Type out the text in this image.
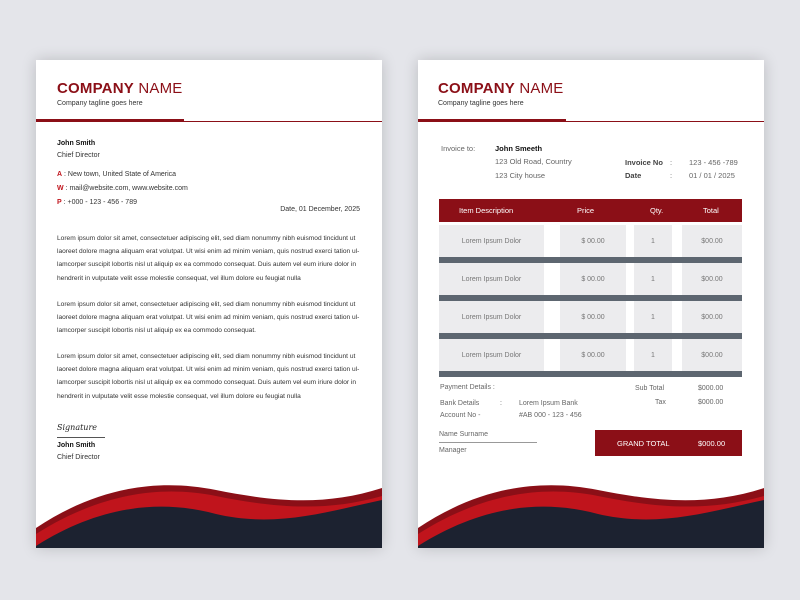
COMPANY NAME
Company tagline goes here
John Smith
Chief Director
A : New town, United State of America
W : mail@website.com, www.website.com
P : +000 - 123 - 456 - 789
Date, 01 December, 2025
Lorem ipsum dolor sit amet, consectetuer adipiscing elit, sed diam nonummy nibh euismod tincidunt ut
laoreet dolore magna aliquam erat volutpat. Ut wisi enim ad minim veniam, quis nostrud exerci tation ul-
lamcorper suscipit lobortis nisl ut aliquip ex ea commodo consequat. Duis autem vel eum iriure dolor in
hendrerit in vulputate velit esse molestie consequat, vel illum dolore eu feugiat nulla
Lorem ipsum dolor sit amet, consectetuer adipiscing elit, sed diam nonummy nibh euismod tincidunt ut
laoreet dolore magna aliquam erat volutpat. Ut wisi enim ad minim veniam, quis nostrud exerci tation ul-
lamcorper suscipit lobortis nisl ut aliquip ex ea commodo consequat.
Lorem ipsum dolor sit amet, consectetuer adipiscing elit, sed diam nonummy nibh euismod tincidunt ut
laoreet dolore magna aliquam erat volutpat. Ut wisi enim ad minim veniam, quis nostrud exerci tation ul-
lamcorper suscipit lobortis nisl ut aliquip ex ea commodo consequat. Duis autem vel eum iriure dolor in
hendrerit in vulputate velit esse molestie consequat, vel illum dolore eu feugiat nulla
Signature
John Smith
Chief Director
COMPANY NAME
Company tagline goes here
Invoice to:	John Smeeth
123 Old Road, Country
123 City house
Invoice No : 123 - 456 -789
Date	: 01 / 01 / 2025
Item Description	Price	Qty.	Total
Lorem Ipsum Dolor	$ 00.00	1	$00.00
Lorem Ipsum Dolor	$ 00.00	1	$00.00
Lorem Ipsum Dolor	$ 00.00	1	$00.00
Lorem Ipsum Dolor	$ 00.00	1	$00.00
Payment Details :
Bank Details	: Lorem Ipsum Bank
Account No -	#AB 000 - 123 - 456
Sub Total	$000.00
Tax	$000.00
Name Surname
Manager
GRAND TOTAL	$000.00
